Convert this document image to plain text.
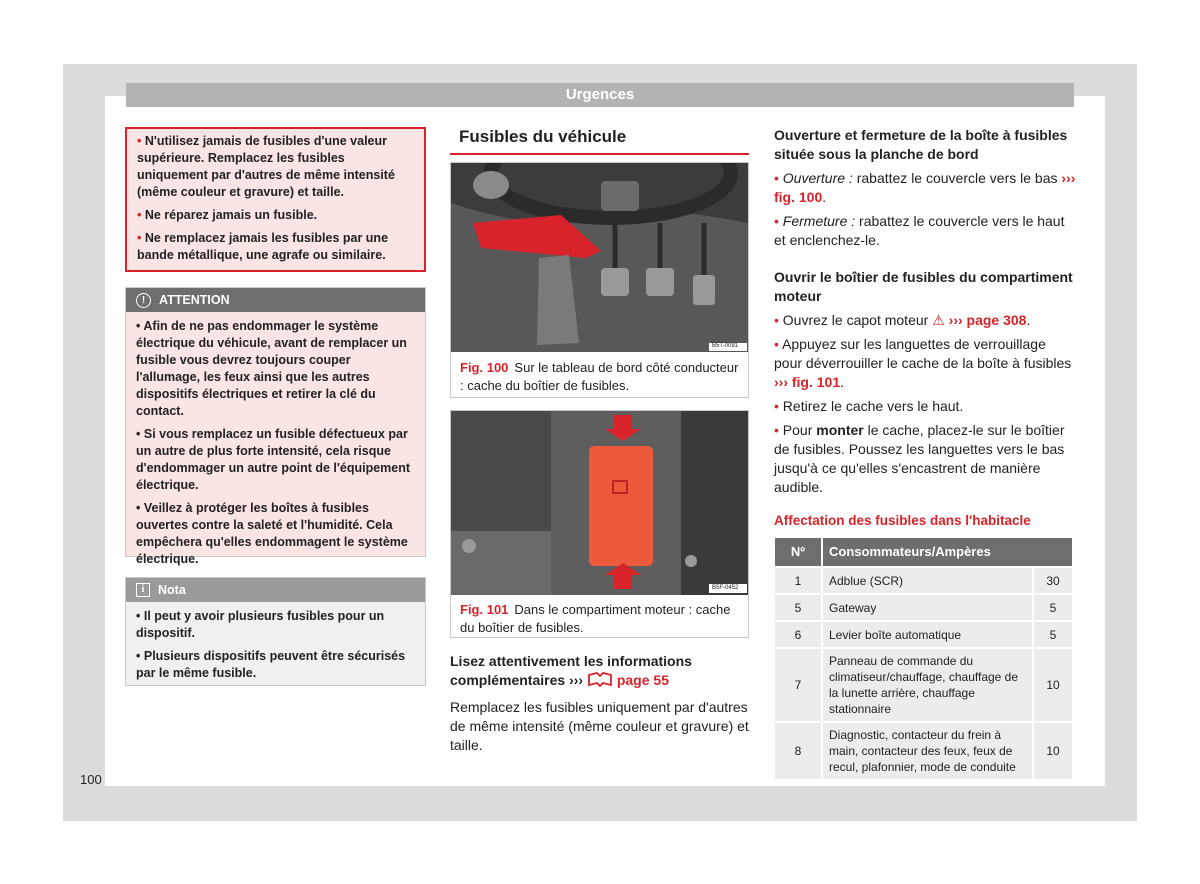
Urgences
100

• N'utilisez jamais de fusibles d'une valeur supérieure. Remplacez les fusibles uniquement par d'autres de même intensité (même couleur et gravure) et taille.

• Ne réparez jamais un fusible.

• Ne remplacez jamais les fusibles par une bande métallique, une agrafe ou similaire.

!	ATTENTION

• Afin de ne pas endommager le système électrique du véhicule, avant de remplacer un fusible vous devrez toujours couper l'allumage, les feux ainsi que les autres dispositifs électriques et retirer la clé du contact.

• Si vous remplacez un fusible défectueux par un autre de plus forte intensité, cela risque d'endommager un autre point de l'équipement électrique.

• Veillez à protéger les boîtes à fusibles ouvertes contre la saleté et l'humidité. Cela empêchera qu'elles endommagent le système électrique.

i	Nota

• Il peut y avoir plusieurs fusibles pour un dispositif.

• Plusieurs dispositifs peuvent être sécurisés par le même fusible.

Fusibles du véhicule
B5T-0091
Fig. 100 Sur le tableau de bord côté conducteur : cache du boîtier de fusibles.
B5F-0452
Fig. 101 Dans le compartiment moteur : cache du boîtier de fusibles.
Lisez attentivement les informations complémentaires ››› page 55
Remplacez les fusibles uniquement par d'autres de même intensité (même couleur et gravure) et taille.
Ouverture et fermeture de la boîte à fusibles située sous la planche de bord

• Ouverture : rabattez le couvercle vers le bas ››› fig. 100.

• Fermeture : rabattez le couvercle vers le haut et enclenchez-le.

Ouvrir le boîtier de fusibles du compartiment moteur

• Ouvrez le capot moteur ⚠ ››› page 308.

• Appuyez sur les languettes de verrouillage pour déverrouiller le cache de la boîte à fusibles ››› fig. 101.

• Retirez le cache vers le haut.

• Pour monter le cache, placez-le sur le boîtier de fusibles. Poussez les languettes vers le bas jusqu'à ce qu'elles s'encastrent de manière audible.

Affectation des fusibles dans l'habitacle
Nº	Consommateurs/Ampères	
1	Adblue (SCR)	30
5	Gateway	5
6	Levier boîte automatique	5
7	Panneau de commande du climatiseur/chauffage, chauffage de la lunette arrière, chauffage stationnaire	10
8	Diagnostic, contacteur du frein à main, contacteur des feux, feux de recul, plafonnier, mode de conduite	10
